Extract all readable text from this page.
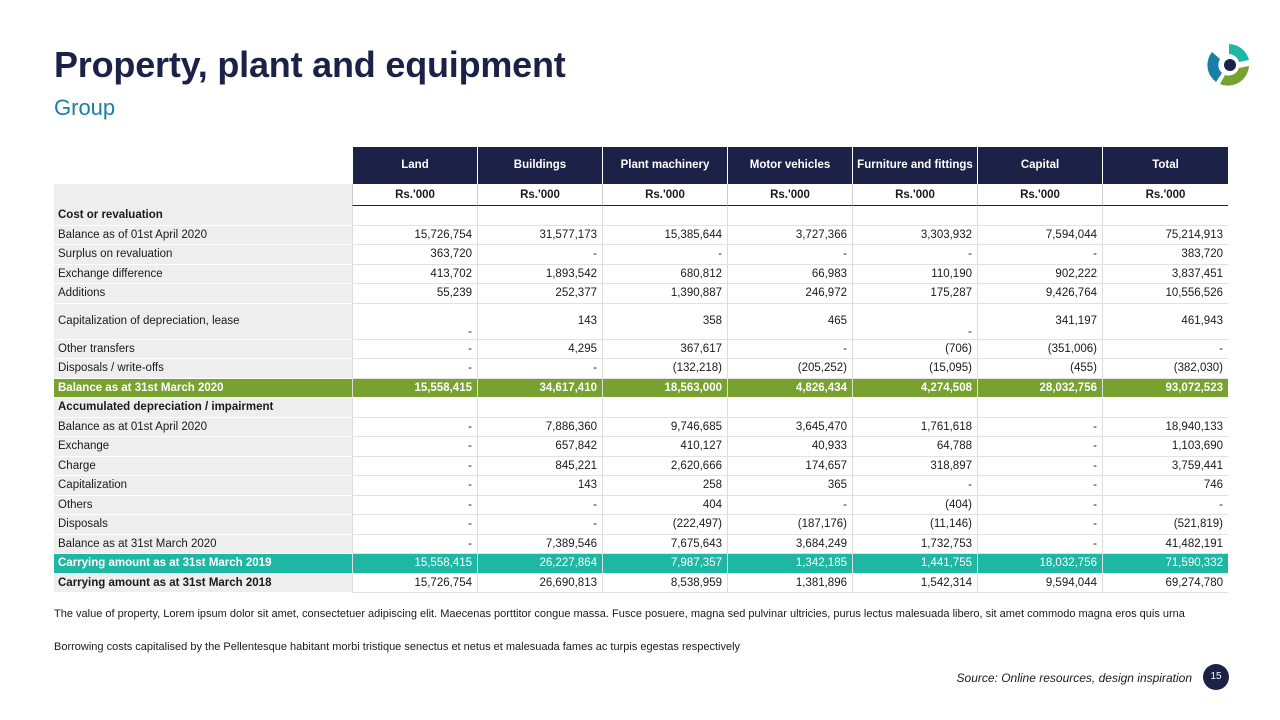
Property, plant and equipment
Group
	Land	Buildings	Plant machinery	Motor vehicles	Furniture and fittings	Capital	Total
	Rs.'000	Rs.'000	Rs.'000	Rs.'000	Rs.'000	Rs.'000	Rs.'000
Cost or revaluation							
Balance as of 01st April 2020	15,726,754	31,577,173	15,385,644	3,727,366	3,303,932	7,594,044	75,214,913
Surplus on revaluation	363,720	-	-	-	-	-	383,720
Exchange difference	413,702	1,893,542	680,812	66,983	110,190	902,222	3,837,451
Additions	55,239	252,377	1,390,887	246,972	175,287	9,426,764	10,556,526
Capitalization of depreciation, lease	-	143	358	465	-	341,197	461,943
Other transfers	-	4,295	367,617	-	(706)	(351,006)	-
Disposals / write-offs	-	-	(132,218)	(205,252)	(15,095)	(455)	(382,030)
Balance as at 31st March 2020	15,558,415	34,617,410	18,563,000	4,826,434	4,274,508	28,032,756	93,072,523
Accumulated depreciation / impairment							
Balance as at 01st April 2020	-	7,886,360	9,746,685	3,645,470	1,761,618	-	18,940,133
Exchange	-	657,842	410,127	40,933	64,788	-	1,103,690
Charge	-	845,221	2,620,666	174,657	318,897	-	3,759,441
Capitalization	-	143	258	365	-	-	746
Others	-	-	404	-	(404)	-	-
Disposals	-	-	(222,497)	(187,176)	(11,146)	-	(521,819)
Balance as at 31st March 2020	-	7,389,546	7,675,643	3,684,249	1,732,753	-	41,482,191
Carrying amount as at 31st March 2019	15,558,415	26,227,864	7,987,357	1,342,185	1,441,755	18,032,756	71,590,332
Carrying amount as at 31st March 2018	15,726,754	26,690,813	8,538,959	1,381,896	1,542,314	9,594,044	69,274,780
The value of property, Lorem ipsum dolor sit amet, consectetuer adipiscing elit. Maecenas porttitor congue massa. Fusce posuere, magna sed pulvinar ultricies, purus lectus malesuada libero, sit amet commodo magna eros quis urna
Borrowing costs capitalised by the Pellentesque habitant morbi tristique senectus et netus et malesuada fames ac turpis egestas respectively
Source: Online resources, design inspiration	15
